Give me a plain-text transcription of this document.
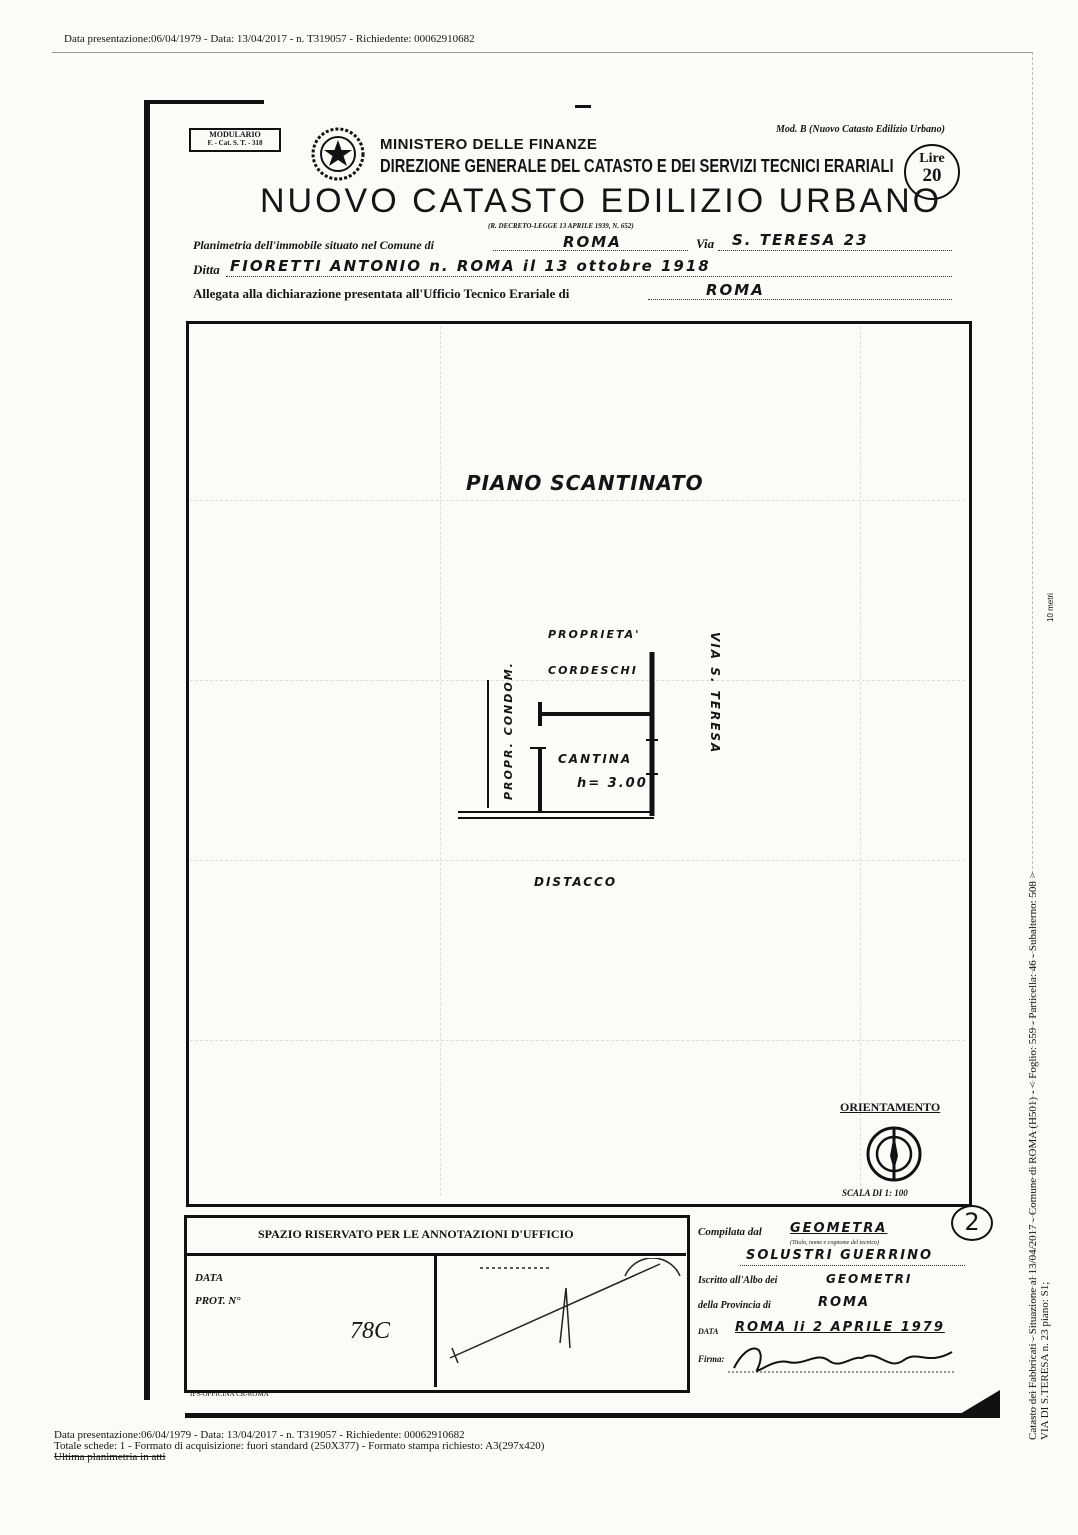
Data presentazione:06/04/1979 - Data: 13/04/2017 - n. T319057 - Richiedente: 00062910682
MODULARIO
F. - Cat. S. T. - 318
Mod. B (Nuovo Catasto Edilizio Urbano)
MINISTERO DELLE FINANZE
DIREZIONE GENERALE DEL CATASTO E DEI SERVIZI TECNICI ERARIALI	Lire
20
NUOVO CATASTO EDILIZIO URBANO
(R. DECRETO-LEGGE 13 APRILE 1939, N. 652)
Planimetria dell'immobile situato nel Comune di	ROMA	Via S. TERESA 23
Ditta FIORETTI ANTONIO n. ROMA il 13 ottobre 1918
Allegata alla dichiarazione presentata all'Ufficio Tecnico Erariale di	ROMA
PIANO SCANTINATO
PROPRIETA'
CORDESCHI
PROPR. CONDOM.	VIA S. TERESA
CANTINA
h= 3.00
DISTACCO
ORIENTAMENTO
SCALA DI 1: 100
10 metri
SPAZIO RISERVATO PER LE ANNOTAZIONI D'UFFICIO
DATA
PROT. N°
78C
IPS-OFFICINA CR-ROMA
Compilata dal GEOMETRA
(Titolo, nome e cognome del tecnico)
SOLUSTRI GUERRINO
Iscritto all'Albo dei	GEOMETRI
della Provincia di	ROMA
DATA ROMA li 2 APRILE 1979
Firma:
2
Data presentazione:06/04/1979 - Data: 13/04/2017 - n. T319057 - Richiedente: 00062910682
Totale schede: 1 - Formato di acquisizione: fuori standard (250X377) - Formato stampa richiesto: A3(297x420)
Ultima planimetria in atti
Catasto dei Fabbricati - Situazione al 13/04/2017 - Comune di ROMA (H501) - < Foglio: 559 - Particella: 46 - Subalterno: 508 > VIA DI S.TERESA n. 23 piano: S1;
